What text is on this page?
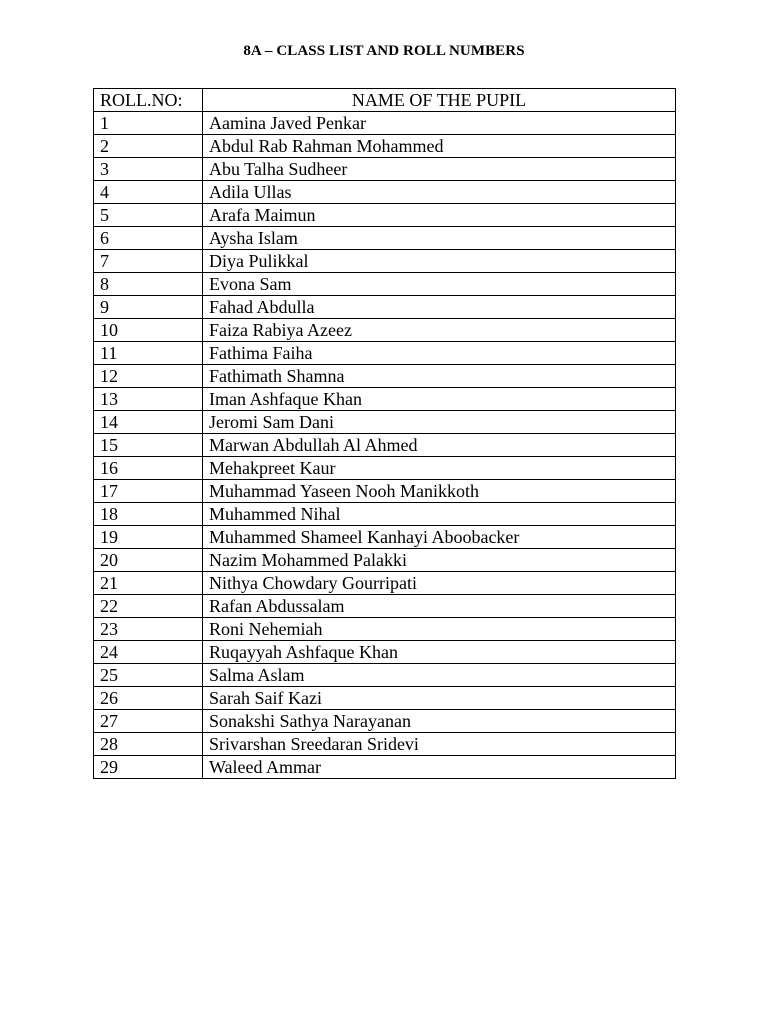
8A – CLASS LIST AND ROLL NUMBERS
ROLL.NO:	NAME OF THE PUPIL
1	Aamina Javed Penkar
2	Abdul Rab Rahman Mohammed
3	Abu Talha Sudheer
4	Adila Ullas
5	Arafa Maimun
6	Aysha Islam
7	Diya Pulikkal
8	Evona Sam
9	Fahad Abdulla
10	Faiza Rabiya Azeez
11	Fathima Faiha
12	Fathimath Shamna
13	Iman Ashfaque Khan
14	Jeromi Sam Dani
15	Marwan Abdullah Al Ahmed
16	Mehakpreet Kaur
17	Muhammad Yaseen Nooh Manikkoth
18	Muhammed Nihal
19	Muhammed Shameel Kanhayi Aboobacker
20	Nazim Mohammed Palakki
21	Nithya Chowdary Gourripati
22	Rafan Abdussalam
23	Roni Nehemiah
24	Ruqayyah Ashfaque Khan
25	Salma Aslam
26	Sarah Saif Kazi
27	Sonakshi Sathya Narayanan
28	Srivarshan Sreedaran Sridevi
29	Waleed Ammar
